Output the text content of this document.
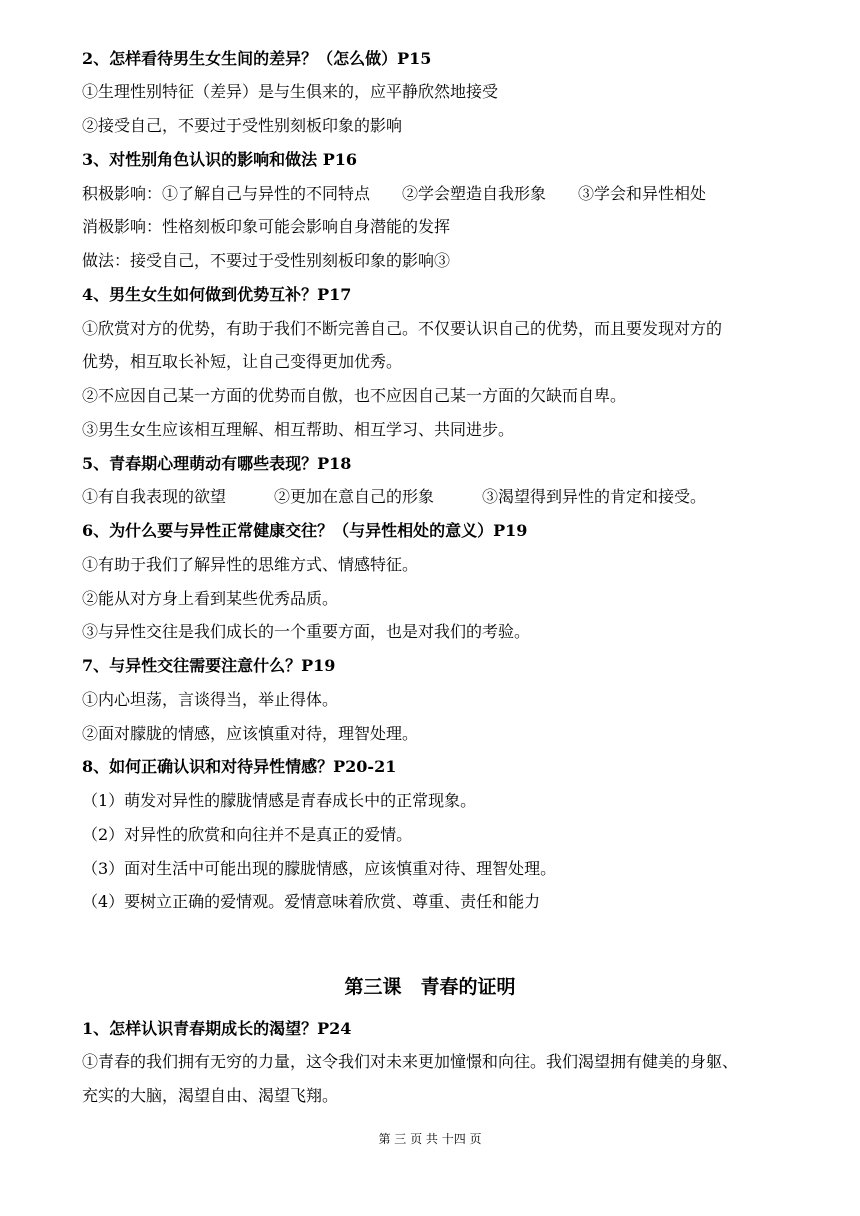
2、怎样看待男生女生间的差异？（怎么做）P15
①生理性别特征（差异）是与生俱来的，应平静欣然地接受
②接受自己，不要过于受性别刻板印象的影响
3、对性别角色认识的影响和做法 P16
积极影响：①了解自己与异性的不同特点　　②学会塑造自我形象　　③学会和异性相处
消极影响：性格刻板印象可能会影响自身潜能的发挥
做法：接受自己，不要过于受性别刻板印象的影响③
4、男生女生如何做到优势互补？P17
①欣赏对方的优势，有助于我们不断完善自己。不仅要认识自己的优势，而且要发现对方的
优势，相互取长补短，让自己变得更加优秀。
②不应因自己某一方面的优势而自傲，也不应因自己某一方面的欠缺而自卑。
③男生女生应该相互理解、相互帮助、相互学习、共同进步。
5、青春期心理萌动有哪些表现？P18
①有自我表现的欲望　　　②更加在意自己的形象　　　③渴望得到异性的肯定和接受。
6、为什么要与异性正常健康交往？（与异性相处的意义）P19
①有助于我们了解异性的思维方式、情感特征。
②能从对方身上看到某些优秀品质。
③与异性交往是我们成长的一个重要方面，也是对我们的考验。
7、与异性交往需要注意什么？P19
①内心坦荡，言谈得当，举止得体。
②面对朦胧的情感，应该慎重对待，理智处理。
8、如何正确认识和对待异性情感？P20-21
（1）萌发对异性的朦胧情感是青春成长中的正常现象。
（2）对异性的欣赏和向往并不是真正的爱情。
（3）面对生活中可能出现的朦胧情感，应该慎重对待、理智处理。
（4）要树立正确的爱情观。爱情意味着欣赏、尊重、责任和能力
第三课　青春的证明
1、怎样认识青春期成长的渴望？P24
①青春的我们拥有无穷的力量，这令我们对未来更加憧憬和向往。我们渴望拥有健美的身躯、
充实的大脑，渴望自由、渴望飞翔。
第 三 页 共 十四 页
